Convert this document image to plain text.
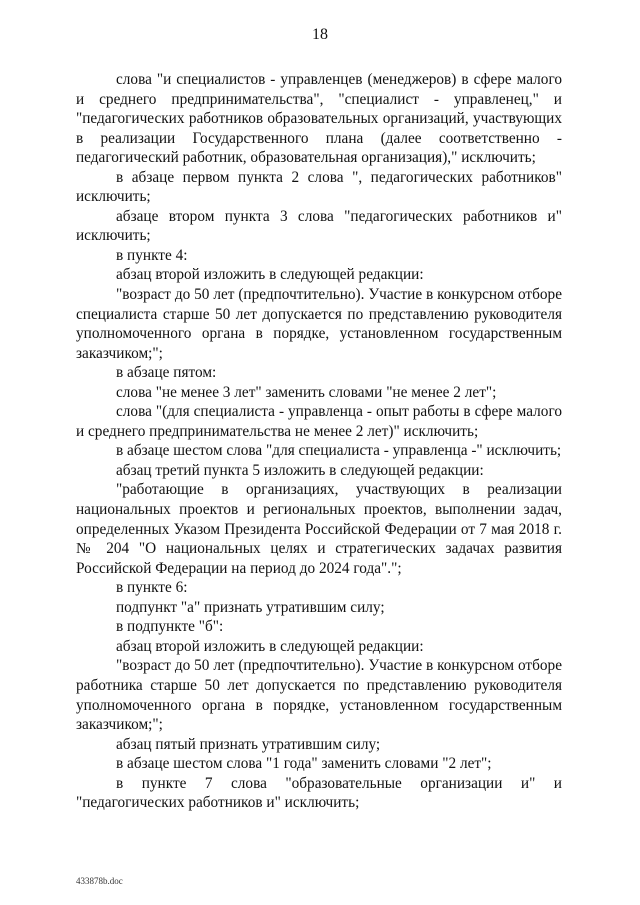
18

слова "и специалистов - управленцев (менеджеров) в сфере малого и среднего предпринимательства", "специалист - управленец," и "педагогических работников образовательных организаций, участвующих в реализации Государственного плана (далее соответственно - педагогический работник, образовательная организация)," исключить;

в абзаце первом пункта 2 слова ", педагогических работников" исключить;

абзаце втором пункта 3 слова "педагогических работников и" исключить;

в пункте 4:

абзац второй изложить в следующей редакции:

"возраст до 50 лет (предпочтительно). Участие в конкурсном отборе специалиста старше 50 лет допускается по представлению руководителя уполномоченного органа в порядке, установленном государственным заказчиком;";

в абзаце пятом:

слова "не менее 3 лет" заменить словами "не менее 2 лет";

слова "(для специалиста - управленца - опыт работы в сфере малого и среднего предпринимательства не менее 2 лет)" исключить;

в абзаце шестом слова "для специалиста - управленца -" исключить;

абзац третий пункта 5 изложить в следующей редакции:

"работающие в организациях, участвующих в реализации национальных проектов и региональных проектов, выполнении задач, определенных Указом Президента Российской Федерации от 7 мая 2018 г. № 204 "О национальных целях и стратегических задачах развития Российской Федерации на период до 2024 года".";

в пункте 6:

подпункт "а" признать утратившим силу;

в подпункте "б":

абзац второй изложить в следующей редакции:

"возраст до 50 лет (предпочтительно). Участие в конкурсном отборе работника старше 50 лет допускается по представлению руководителя уполномоченного органа в порядке, установленном государственным заказчиком;";

абзац пятый признать утратившим силу;

в абзаце шестом слова "1 года" заменить словами "2 лет";

в пункте 7 слова "образовательные организации и" и "педагогических работников и" исключить;

433878b.doc
